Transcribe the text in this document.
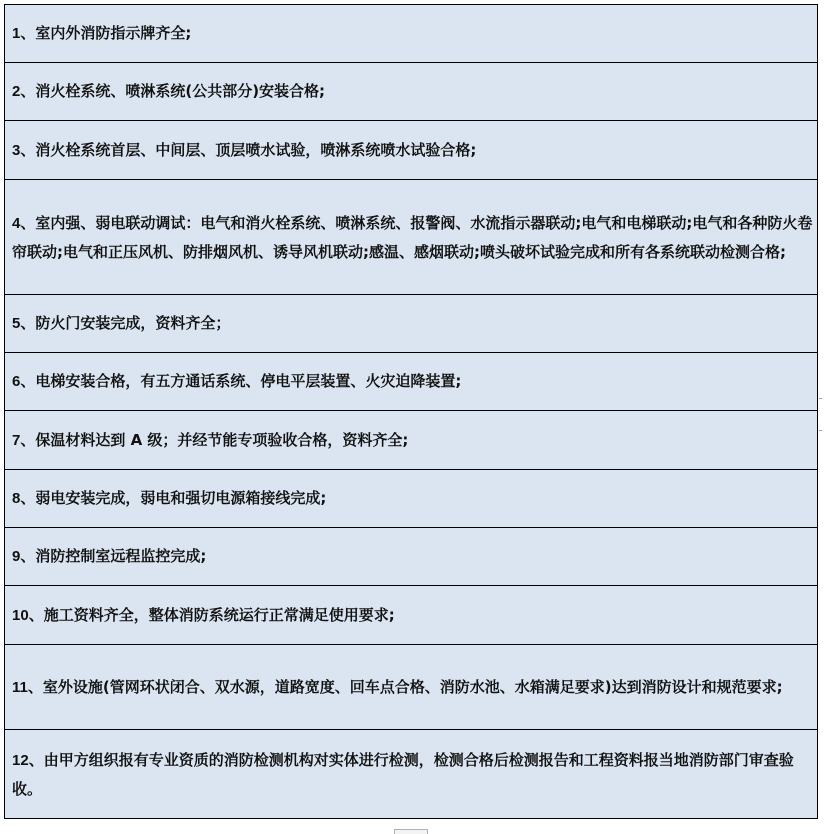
1、室内外消防指示牌齐全;
2、消火栓系统、喷淋系统(公共部分)安装合格;
3、消火栓系统首层、中间层、顶层喷水试验，喷淋系统喷水试验合格;
4、室内强、弱电联动调试：电气和消火栓系统、喷淋系统、报警阀、水流指示器联动;电气和电梯联动;电气和各种防火卷帘联动;电气和正压风机、防排烟风机、诱导风机联动;感温、感烟联动;喷头破坏试验完成和所有各系统联动检测合格;
5、防火门安装完成，资料齐全；
6、电梯安装合格，有五方通话系统、停电平层装置、火灾迫降装置;
7、保温材料达到 A 级；并经节能专项验收合格，资料齐全;
8、弱电安装完成，弱电和强切电源箱接线完成;
9、消防控制室远程监控完成;
10、施工资料齐全，整体消防系统运行正常满足使用要求;
11、室外设施(管网环状闭合、双水源，道路宽度、回车点合格、消防水池、水箱满足要求)达到消防设计和规范要求;
12、由甲方组织报有专业资质的消防检测机构对实体进行检测，检测合格后检测报告和工程资料报当地消防部门审查验收。
